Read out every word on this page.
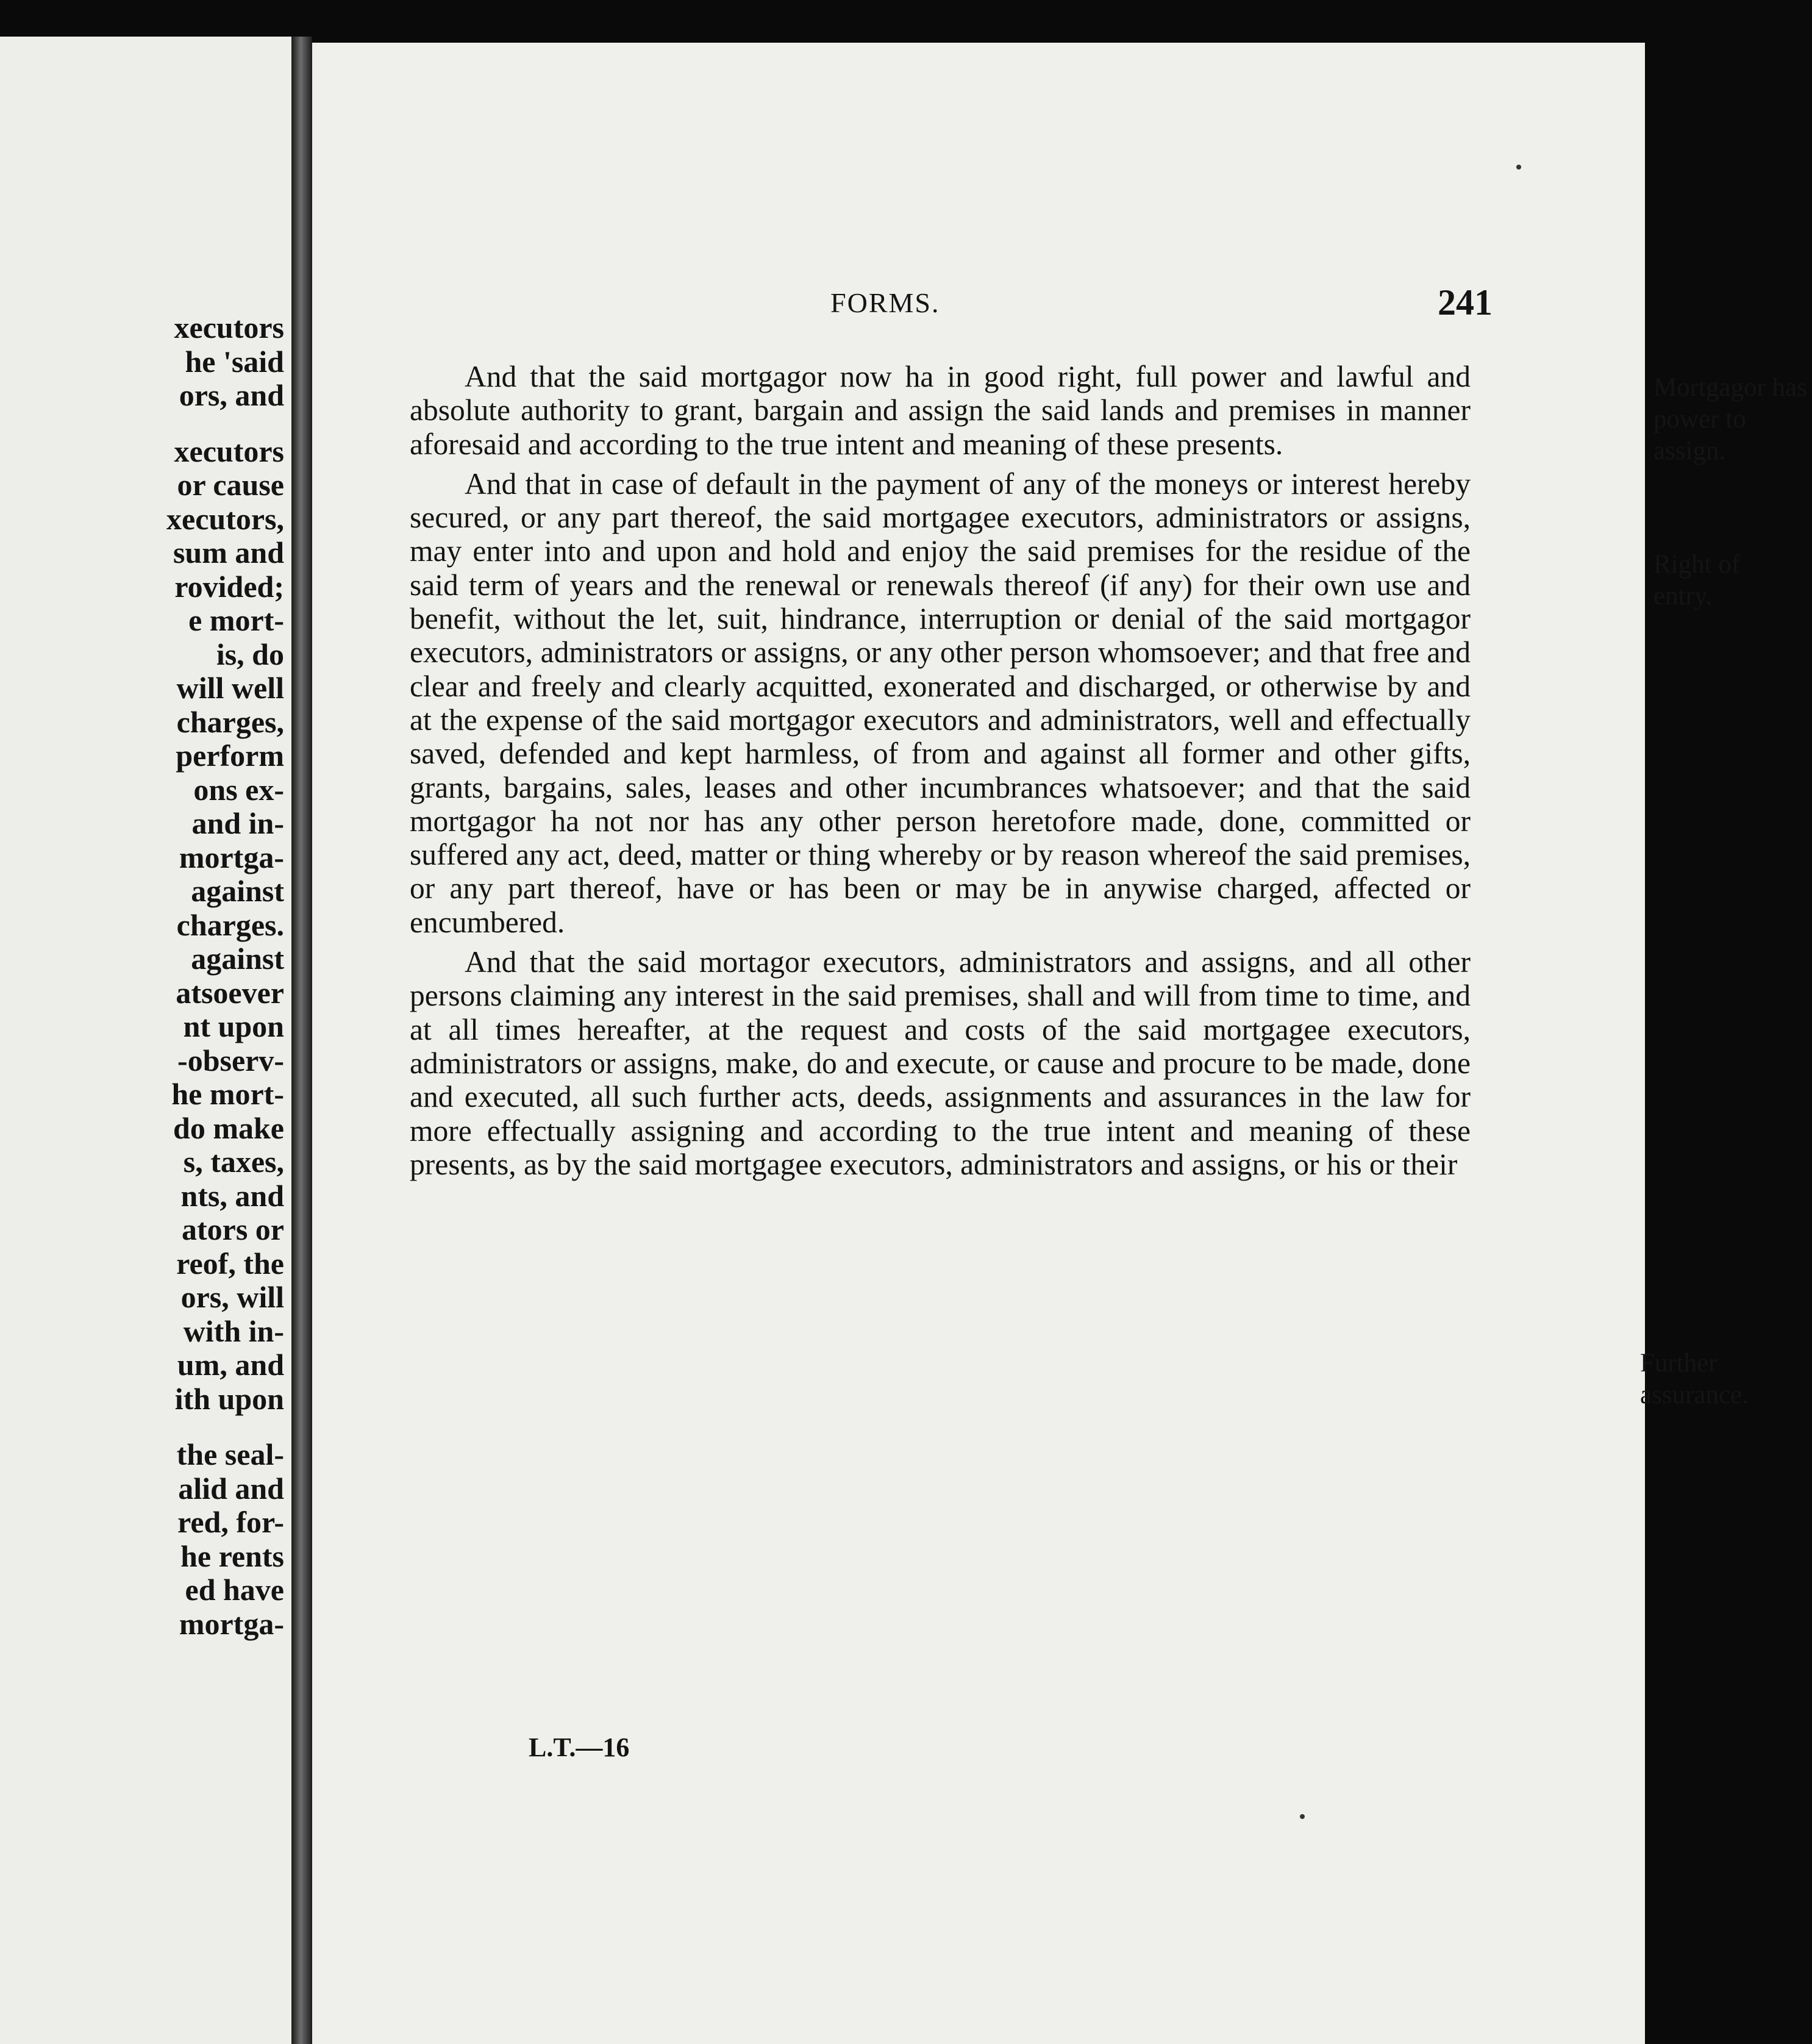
xecutors
he 'said
ors, and
xecutors
or cause
xecutors,
sum and
rovided;
e mort-
is, do
will well
charges,
perform
ons ex-
and in-
mortga-
against
charges.
against
atsoever
nt upon
-observ-
he mort-
do make
s, taxes,
nts, and
ators or
reof, the
ors, will
with in-
um, and
ith upon
the seal-
alid and
red, for-
he rents
ed have
mortga-
FORMS.	241

And that the said mortgagor now ha in good right, full power and lawful and absolute authority to grant, bargain and assign the said lands and premises in manner aforesaid and according to the true intent and meaning of these presents.

And that in case of default in the payment of any of the moneys or interest hereby secured, or any part thereof, the said mortgagee executors, administrators or assigns, may enter into and upon and hold and enjoy the said premises for the residue of the said term of years and the renewal or renewals thereof (if any) for their own use and benefit, without the let, suit, hindrance, interruption or denial of the said mortgagor executors, administrators or assigns, or any other person whomsoever; and that free and clear and freely and clearly acquitted, exonerated and discharged, or otherwise by and at the expense of the said mortgagor executors and administrators, well and effectually saved, defended and kept harmless, of from and against all former and other gifts, grants, bargains, sales, leases and other incumbrances whatsoever; and that the said mortgagor ha not nor has any other person heretofore made, done, committed or suffered any act, deed, matter or thing whereby or by reason whereof the said premises, or any part thereof, have or has been or may be in anywise charged, affected or encumbered.

And that the said mortagor executors, administrators and assigns, and all other persons claiming any interest in the said premises, shall and will from time to time, and at all times hereafter, at the request and costs of the said mortgagee executors, administrators or assigns, make, do and execute, or cause and procure to be made, done and executed, all such further acts, deeds, assignments and assurances in the law for more effectually assigning and according to the true intent and meaning of these presents, as by the said mortgagee executors, administrators and assigns, or his or their

Mortgagor has power to assign.
Right of entry.
Further assurance.
L.T.—16
